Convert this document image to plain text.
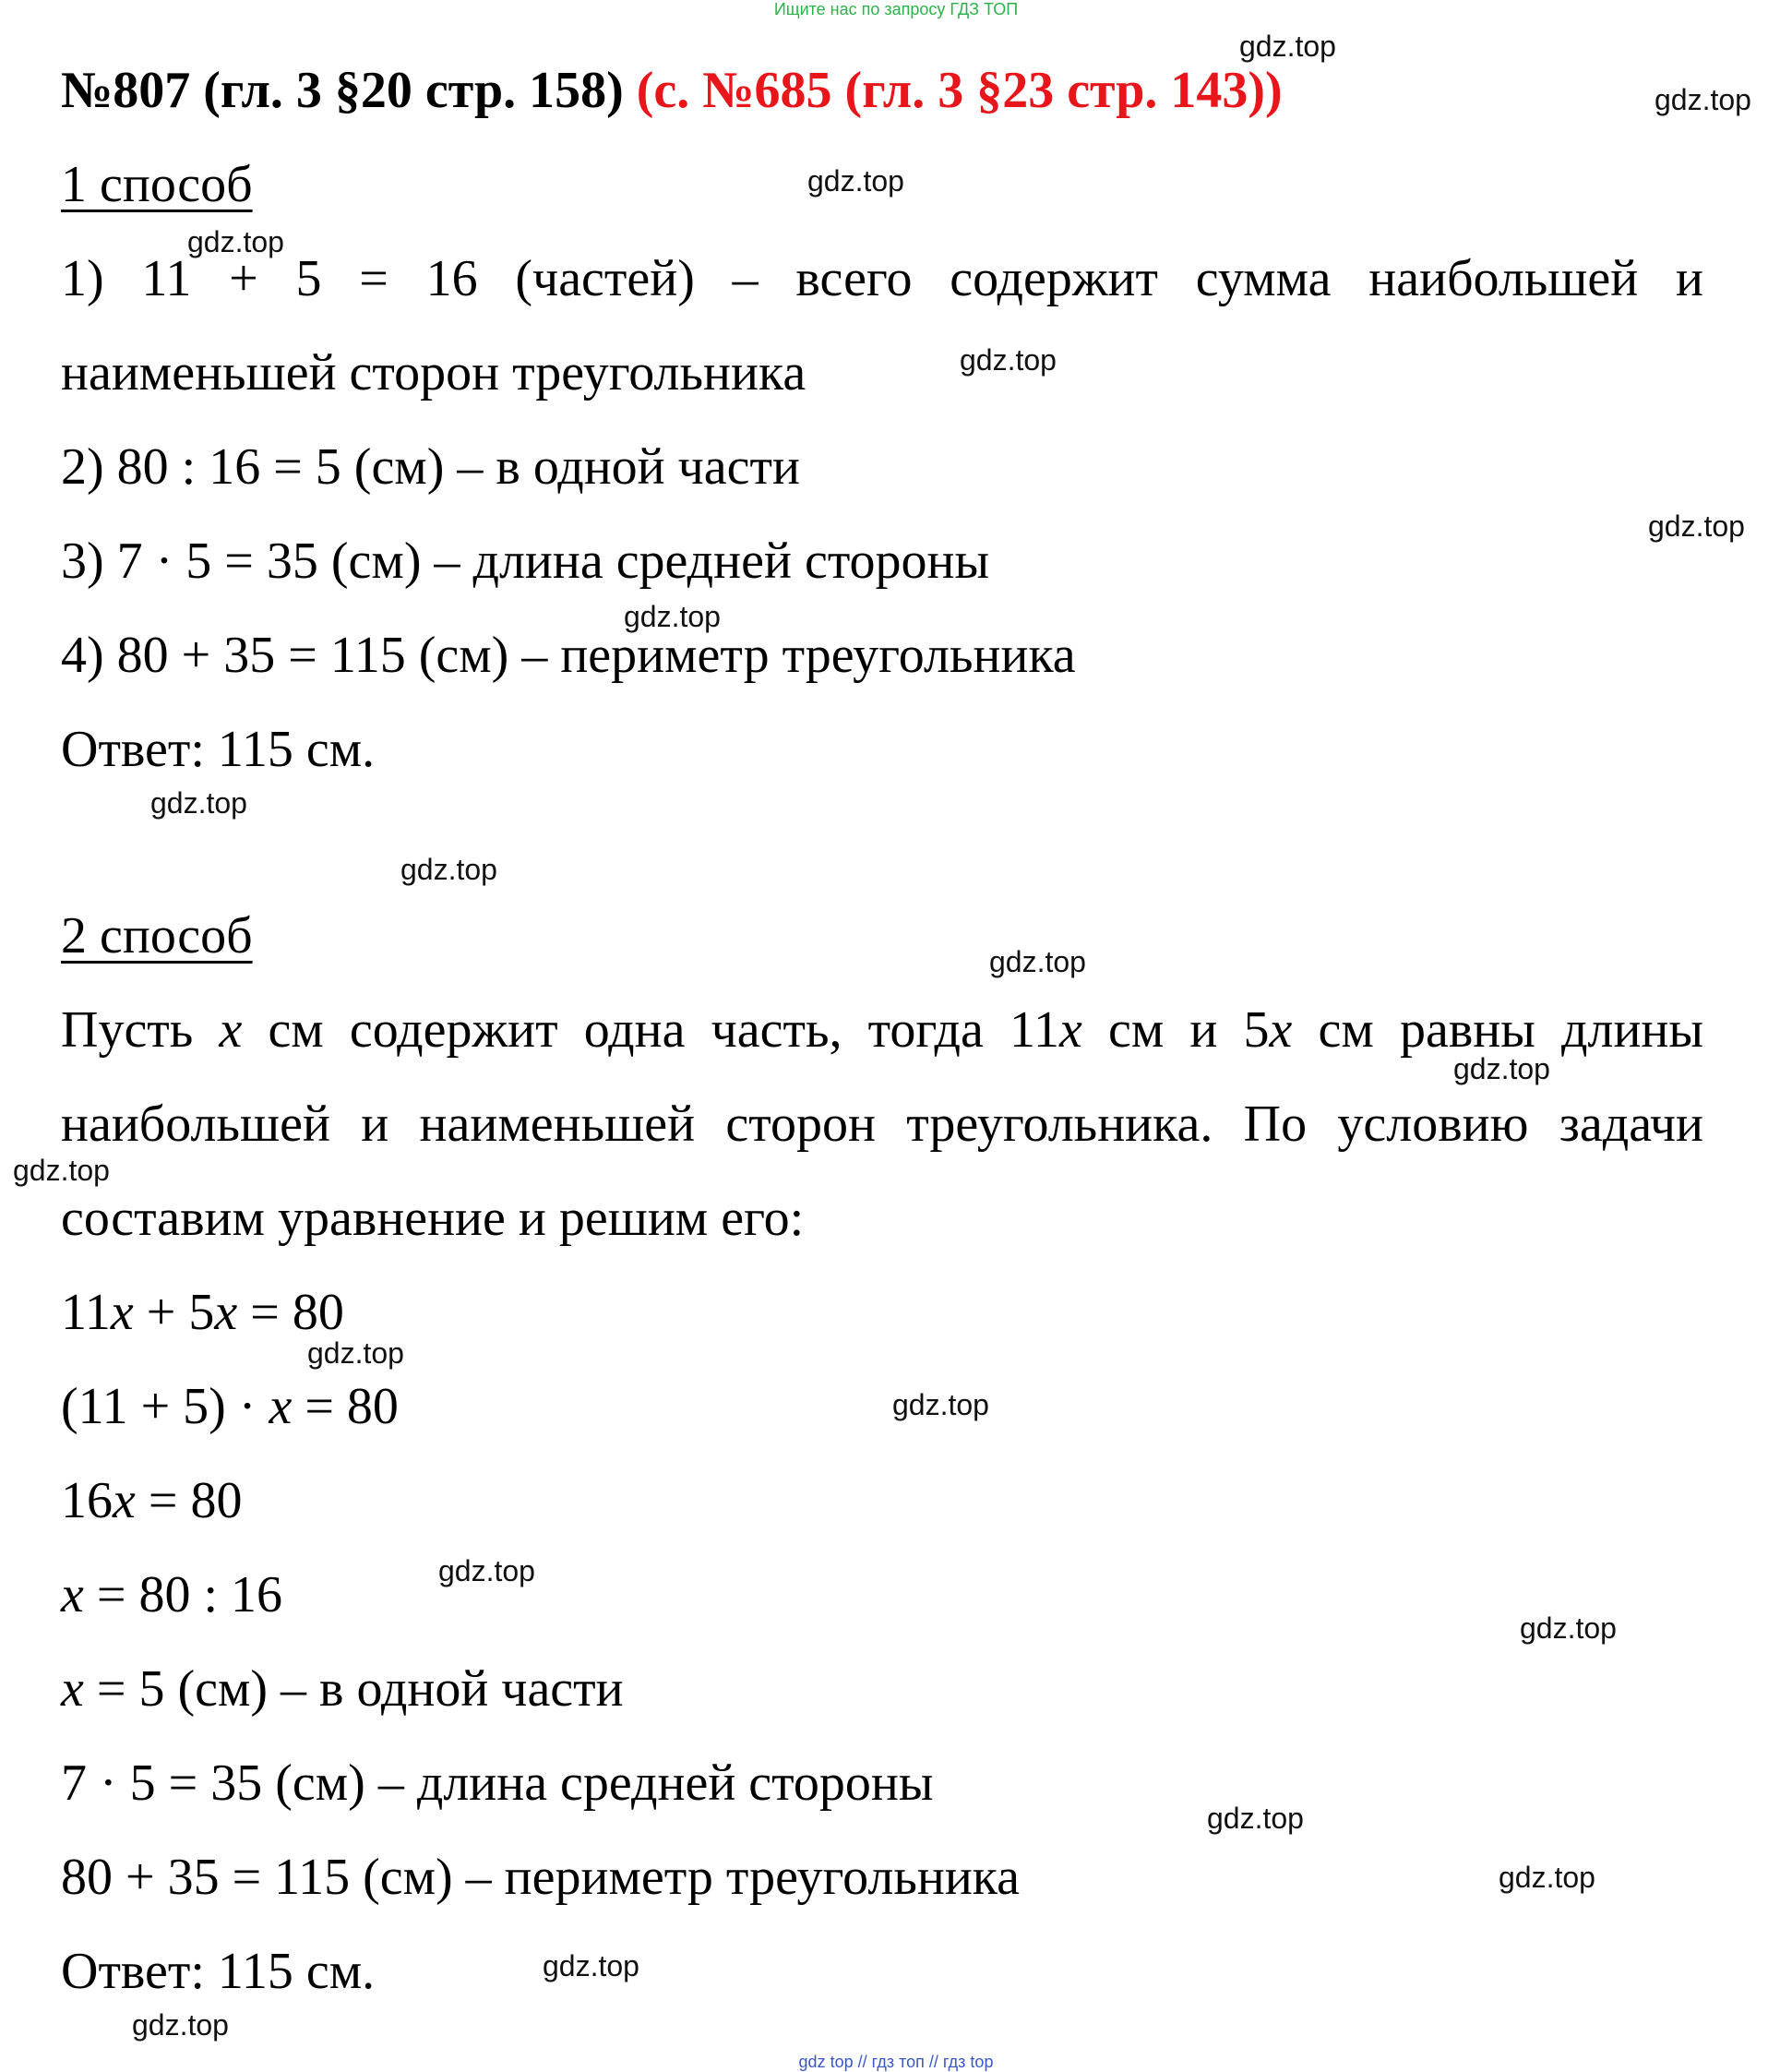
Ищите нас по запросу ГДЗ ТОП
№807 (гл. 3 §20 стр. 158) (с. №685 (гл. 3 §23 стр. 143))
1 способ
1) 11 + 5 = 16 (частей) – всего содержит сумма наибольшей и
наименьшей сторон треугольника
2) 80 : 16 = 5 (см) – в одной части
3) 7 · 5 = 35 (см) – длина средней стороны
4) 80 + 35 = 115 (см) – периметр треугольника
Ответ: 115 см.
2 способ
Пусть x см содержит одна часть, тогда 11x см и 5x см равны длины
наибольшей и наименьшей сторон треугольника. По условию задачи
составим уравнение и решим его:
11x + 5x = 80
(11 + 5) · x = 80
16x = 80
x = 80 : 16
x = 5 (см) – в одной части
7 · 5 = 35 (см) – длина средней стороны
80 + 35 = 115 (см) – периметр треугольника
Ответ: 115 см.
gdz.top
gdz.top
gdz.top
gdz.top
gdz.top
gdz.top
gdz.top
gdz.top
gdz.top
gdz.top
gdz.top
gdz.top
gdz.top
gdz.top
gdz.top
gdz.top
gdz.top
gdz.top
gdz.top
gdz.top
gdz top // гдз топ // гдз top
